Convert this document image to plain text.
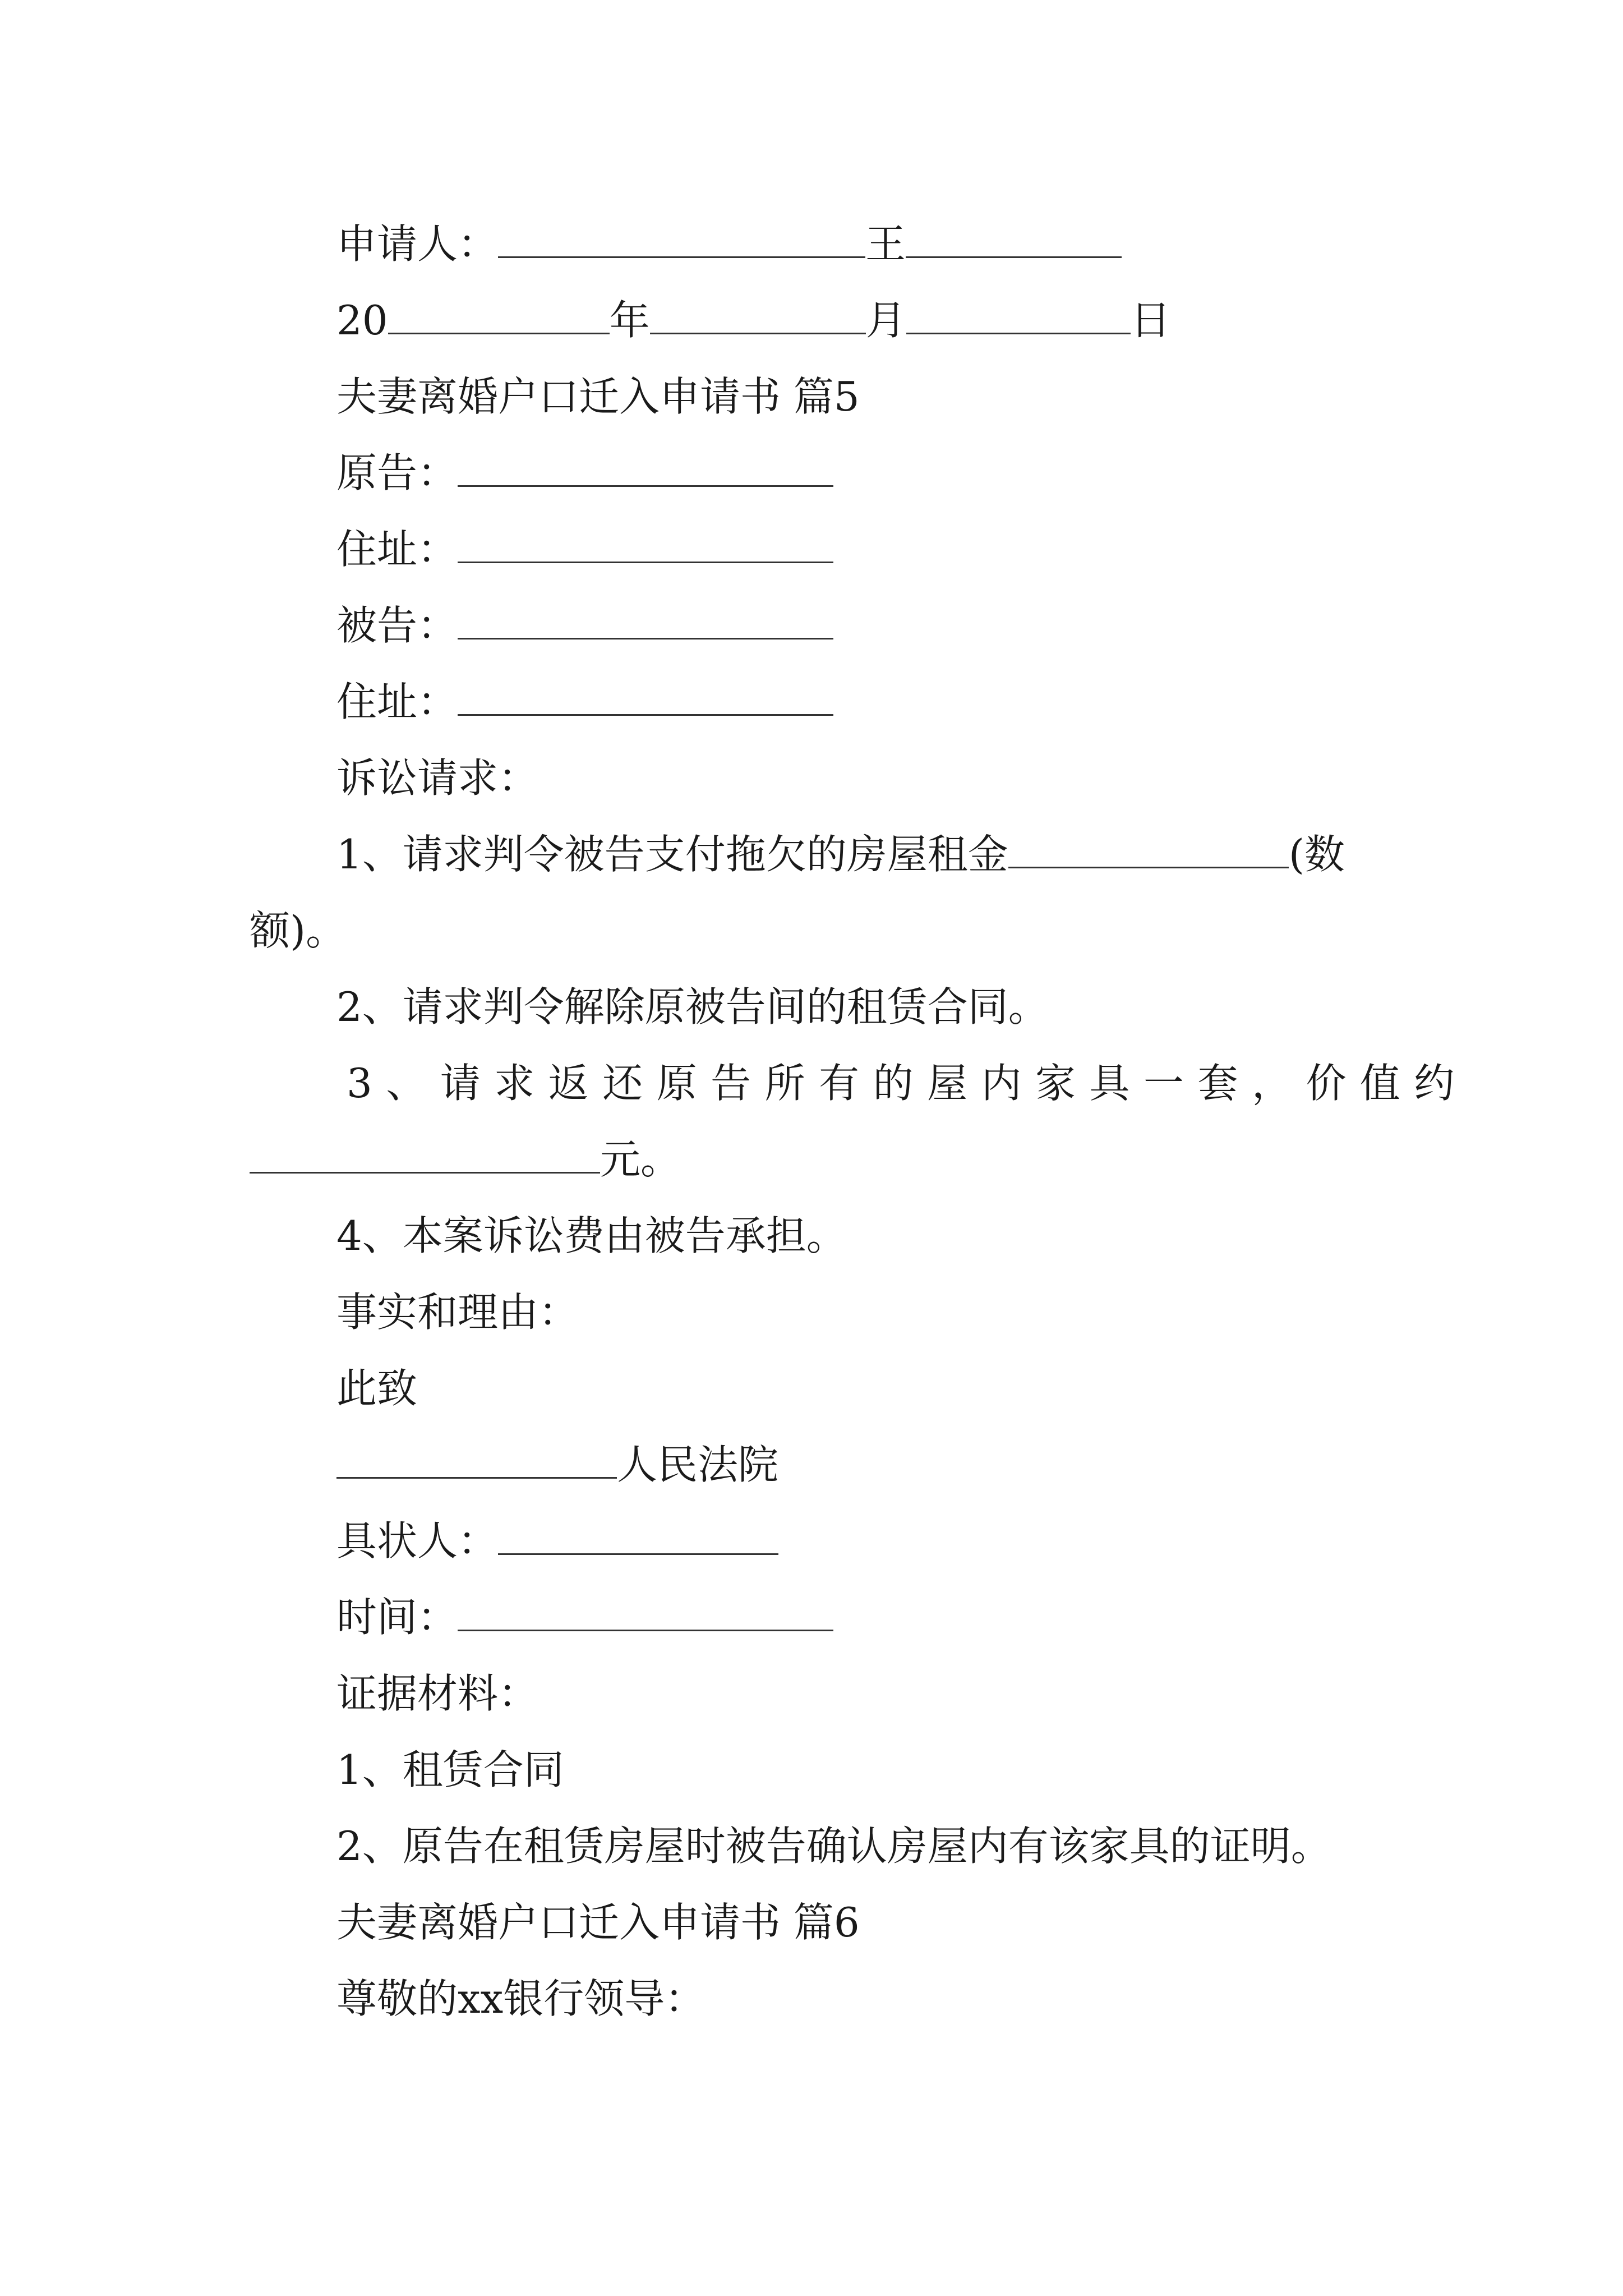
申请人：	王
20	年	月	日
夫妻离婚户口迁入申请书 篇5
原告：
住址：
被告：
住址：
诉讼请求：
1、请求判令被告支付拖欠的房屋租金	(数
额)。
2、请求判令解除原被告间的租赁合同。
3、请求返还原告所有的屋内家具一套，价值约
元。
4、本案诉讼费由被告承担。
事实和理由：
此致
人民法院
具状人：
时间：
证据材料：
1、租赁合同
2、原告在租赁房屋时被告确认房屋内有该家具的证明。
夫妻离婚户口迁入申请书 篇6
尊敬的xx银行领导：
